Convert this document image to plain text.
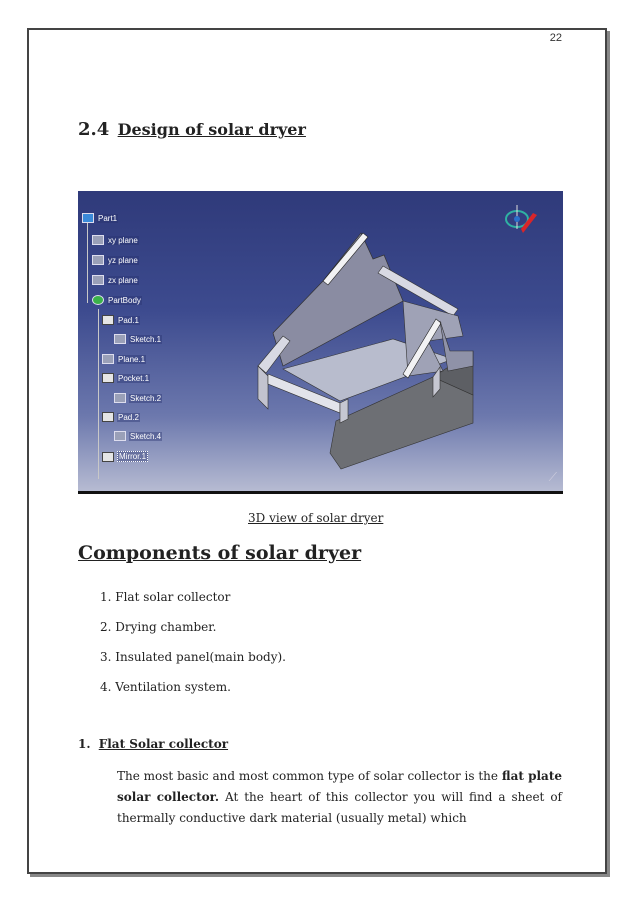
22
2.4 Design of solar dryer
Part1
xy plane
yz plane
zx plane
PartBody
Pad.1
Sketch.1
Plane.1
Pocket.1
Sketch.2
Pad.2
Sketch.4
Mirror.1
⟋
3D view of solar dryer
Components of solar dryer
1. Flat solar collector
2. Drying chamber.
3. Insulated panel(main body).
4. Ventilation system.
1. Flat Solar collector
The most basic and most common type of solar collector is the flat plate solar collector. At the heart of this collector you will find a sheet of thermally conductive dark material (usually metal) which
